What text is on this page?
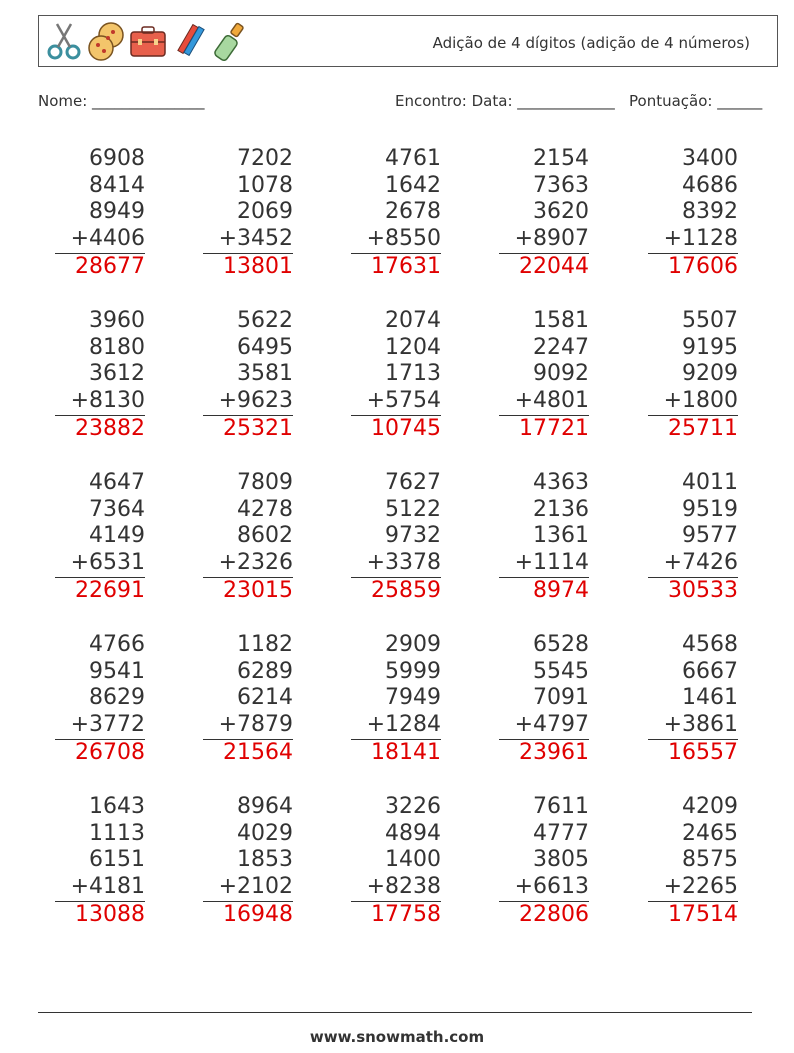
Adição de 4 dígitos (adição de 4 números)
Nome: _______________	Encontro: Data: _____________ Pontuação: ______
6908
8414
8949
+4406
28677
7202
1078
2069
+3452
13801
4761
1642
2678
+8550
17631
2154
7363
3620
+8907
22044
3400
4686
8392
+1128
17606
3960
8180
3612
+8130
23882
5622
6495
3581
+9623
25321
2074
1204
1713
+5754
10745
1581
2247
9092
+4801
17721
5507
9195
9209
+1800
25711
4647
7364
4149
+6531
22691
7809
4278
8602
+2326
23015
7627
5122
9732
+3378
25859
4363
2136
1361
+1114
8974
4011
9519
9577
+7426
30533
4766
9541
8629
+3772
26708
1182
6289
6214
+7879
21564
2909
5999
7949
+1284
18141
6528
5545
7091
+4797
23961
4568
6667
1461
+3861
16557
1643
1113
6151
+4181
13088
8964
4029
1853
+2102
16948
3226
4894
1400
+8238
17758
7611
4777
3805
+6613
22806
4209
2465
8575
+2265
17514
www.snowmath.com
